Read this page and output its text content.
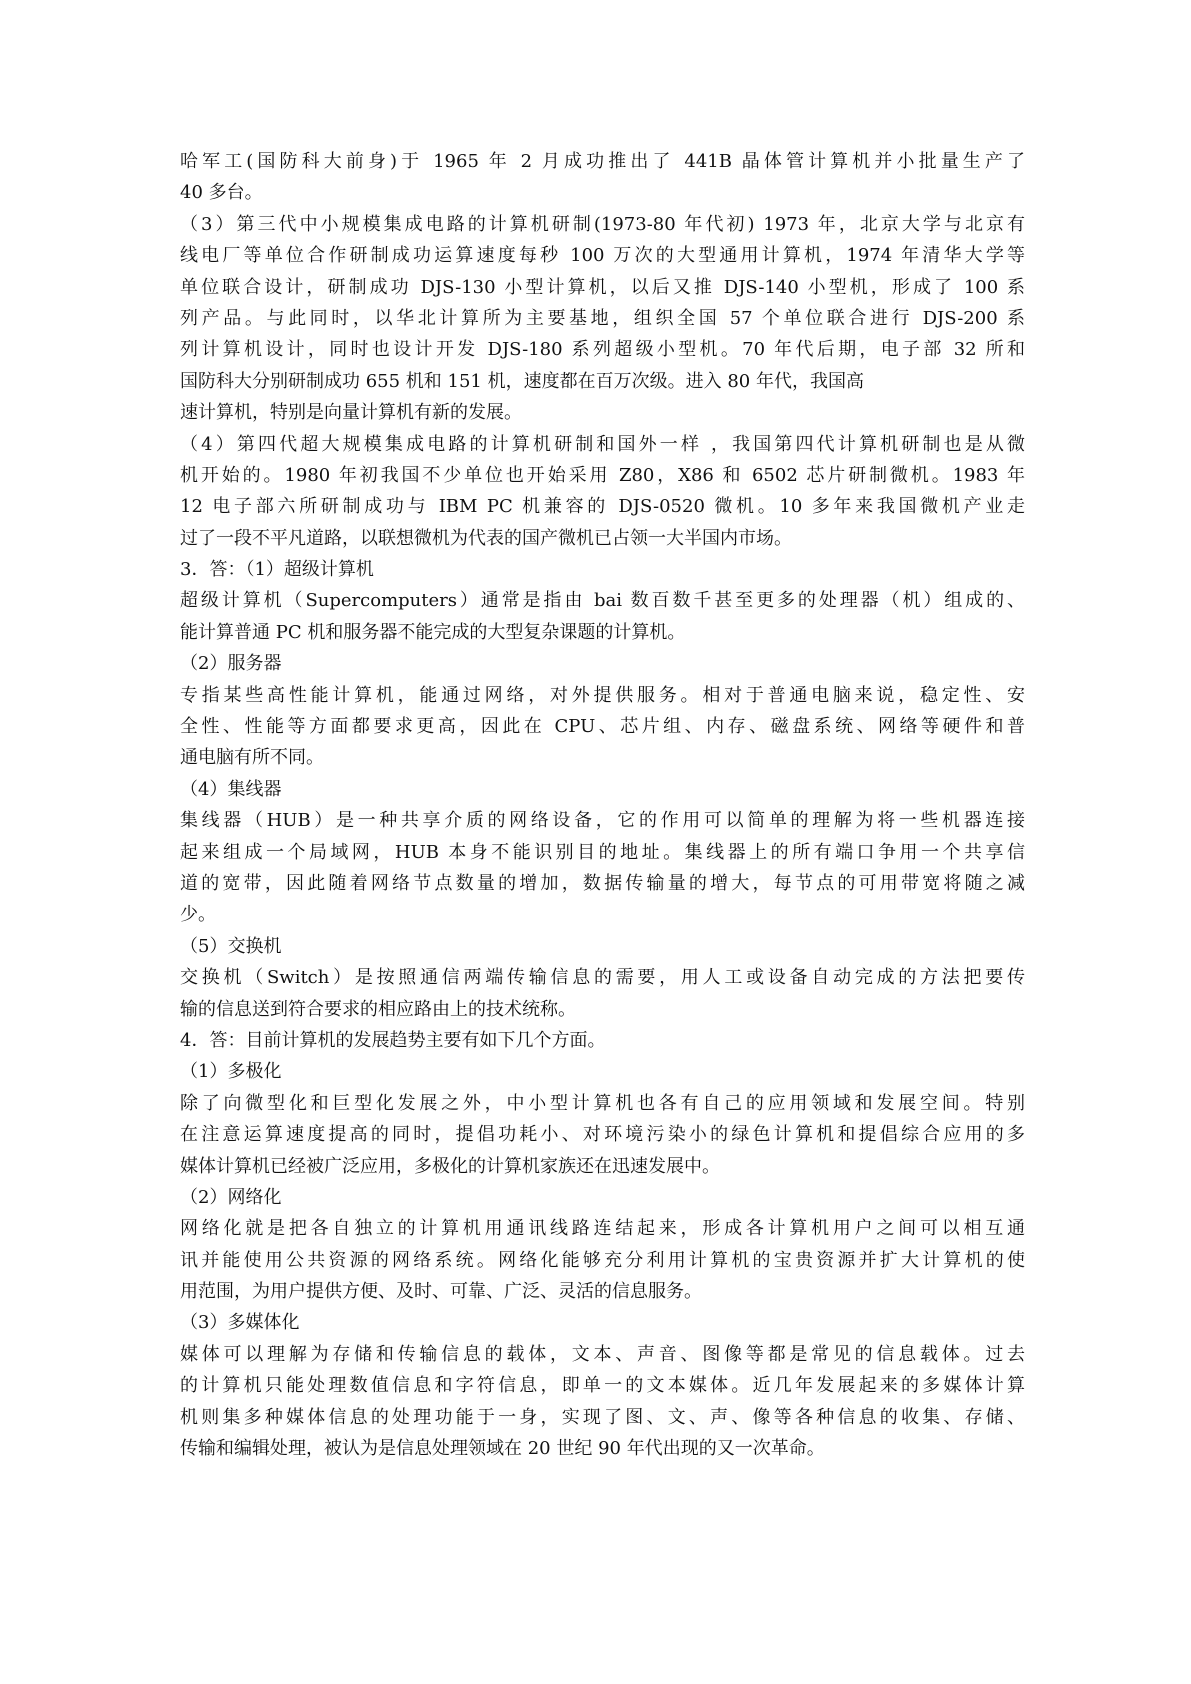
哈军工(国防科大前身)于 1965 年 2 月成功推出了 441B 晶体管计算机并小批量生产了
40 多台。
（3）第三代中小规模集成电路的计算机研制(1973-80 年代初) 1973 年，北京大学与北京有
线电厂等单位合作研制成功运算速度每秒 100 万次的大型通用计算机，1974 年清华大学等
单位联合设计，研制成功 DJS-130 小型计算机，以后又推 DJS-140 小型机，形成了 100 系
列产品。与此同时，以华北计算所为主要基地，组织全国 57 个单位联合进行 DJS-200 系
列计算机设计，同时也设计开发 DJS-180 系列超级小型机。70 年代后期，电子部 32 所和
国防科大分别研制成功 655 机和 151 机，速度都在百万次级。进入 80 年代，我国高
速计算机，特别是向量计算机有新的发展。
（4）第四代超大规模集成电路的计算机研制和国外一样 ，我国第四代计算机研制也是从微
机开始的。1980 年初我国不少单位也开始采用 Z80，X86 和 6502 芯片研制微机。1983 年
12 电子部六所研制成功与 IBM PC 机兼容的 DJS-0520 微机。10 多年来我国微机产业走
过了一段不平凡道路，以联想微机为代表的国产微机已占领一大半国内市场。
3．答：（1）超级计算机
超级计算机（Supercomputers）通常是指由 bai 数百数千甚至更多的处理器（机）组成的、
能计算普通 PC 机和服务器不能完成的大型复杂课题的计算机。
（2）服务器
专指某些高性能计算机，能通过网络，对外提供服务。相对于普通电脑来说，稳定性、安
全性、性能等方面都要求更高，因此在 CPU、芯片组、内存、磁盘系统、网络等硬件和普
通电脑有所不同。
（4）集线器
集线器（HUB）是一种共享介质的网络设备，它的作用可以简单的理解为将一些机器连接
起来组成一个局域网，HUB 本身不能识别目的地址。集线器上的所有端口争用一个共享信
道的宽带，因此随着网络节点数量的增加，数据传输量的增大，每节点的可用带宽将随之减
少。
（5）交换机
交换机（Switch）是按照通信两端传输信息的需要，用人工或设备自动完成的方法把要传
输的信息送到符合要求的相应路由上的技术统称。
4．答：目前计算机的发展趋势主要有如下几个方面。
（1）多极化
除了向微型化和巨型化发展之外，中小型计算机也各有自己的应用领域和发展空间。特别
在注意运算速度提高的同时，提倡功耗小、对环境污染小的绿色计算机和提倡综合应用的多
媒体计算机已经被广泛应用，多极化的计算机家族还在迅速发展中。
（2）网络化
网络化就是把各自独立的计算机用通讯线路连结起来，形成各计算机用户之间可以相互通
讯并能使用公共资源的网络系统。网络化能够充分利用计算机的宝贵资源并扩大计算机的使
用范围，为用户提供方便、及时、可靠、广泛、灵活的信息服务。
（3）多媒体化
媒体可以理解为存储和传输信息的载体，文本、声音、图像等都是常见的信息载体。过去
的计算机只能处理数值信息和字符信息，即单一的文本媒体。近几年发展起来的多媒体计算
机则集多种媒体信息的处理功能于一身，实现了图、文、声、像等各种信息的收集、存储、
传输和编辑处理，被认为是信息处理领域在 20 世纪 90 年代出现的又一次革命。
